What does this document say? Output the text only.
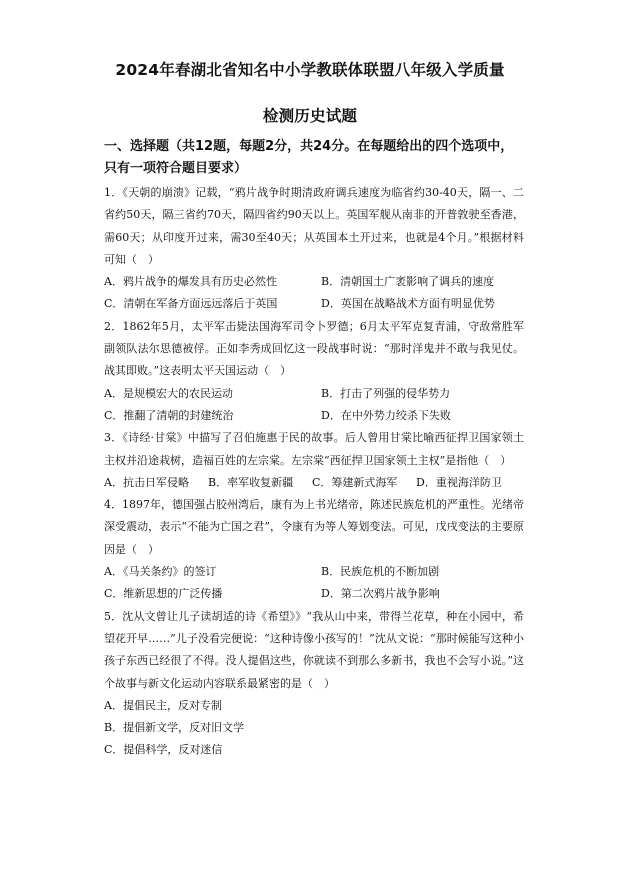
2024年春湖北省知名中小学教联体联盟八年级入学质量
检测历史试题
一、选择题（共12题，每题2分，共24分。在每题给出的四个选项中，只有一项符合题目要求）

1．《天朝的崩溃》记载，“鸦片战争时期清政府调兵速度为临省约30-40天，隔一、二省约50天，隔三省约70天，隔四省约90天以上。英国军舰从南非的开普敦驶至香港，需60天；从印度开过来，需30至40天；从英国本土开过来，也就是4个月。”根据材料可知（　）

A．鸦片战争的爆发具有历史必然性	B．清朝国土广袤影响了调兵的速度
C．清朝在军备方面远远落后于英国	D．英国在战略战术方面有明显优势

2．1862年5月，太平军击毙法国海军司令卜罗德；6月太平军克复青浦，守敌常胜军副领队法尔思德被俘。正如李秀成回忆这一段战事时说：“那时洋鬼并不敢与我见仗。战其即败。”这表明太平天国运动（　）

A．是规模宏大的农民运动	B．打击了列强的侵华势力
C．推翻了清朝的封建统治	D．在中外势力绞杀下失败

3．《诗经·甘棠》中描写了召伯施惠于民的故事。后人曾用甘棠比喻西征捍卫国家领土主权并沿途栽树，造福百姓的左宗棠。左宗棠“西征捍卫国家领土主权”是指他（　）

A．抗击日军侵略	B．率军收复新疆	C．筹建新式海军	D．重视海洋防卫

4．1897年，德国强占胶州湾后，康有为上书光绪帝，陈述民族危机的严重性。光绪帝深受震动，表示“不能为亡国之君”，令康有为等人筹划变法。可见，戊戌变法的主要原因是（　）

A．《马关条约》的签订	B．民族危机的不断加剧
C．维新思想的广泛传播	D．第二次鸦片战争影响

5．沈从文曾让儿子读胡适的诗《希望》》“我从山中来，带得兰花草，种在小园中，希望花开早……”儿子没看完便说：“这种诗像小孩写的！”沈从文说：“那时候能写这种小孩子东西已经很了不得。没人提倡这些，你就读不到那么多新书，我也不会写小说。”这个故事与新文化运动内容联系最紧密的是（　）

A．提倡民主，反对专制
B．提倡新文学，反对旧文学
C．提倡科学，反对迷信
